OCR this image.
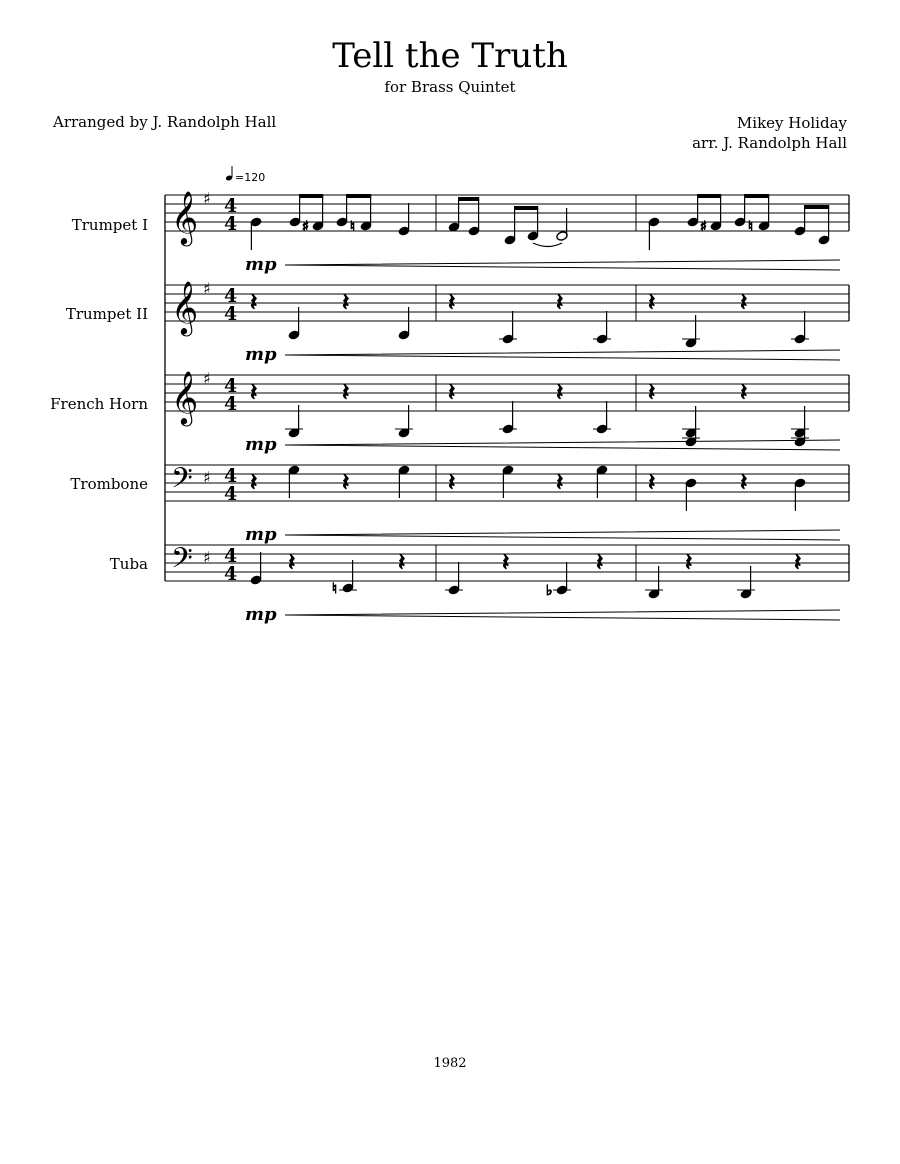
Tell the Truth
for Brass Quintet
Arranged by J. Randolph Hall	Mikey Holiday
arr. J. Randolph Hall
Trumpet I
Trumpet II
French Horn
Trombone
Tuba
=120
𝄞 ♯ 4
4
𝄞 ♯ 4
4
𝄞 ♯ 4
4
𝄢 ♯ 4
4
𝄢 ♯ 4
4
♯	♮	♯	♮
𝄽	𝄽	𝄽	𝄽	𝄽	𝄽
𝄽	𝄽	𝄽	𝄽	𝄽	𝄽
𝄽	𝄽	𝄽	𝄽	𝄽	𝄽
𝄽
♮
𝄽	𝄽
♭
𝄽	𝄽	𝄽
mp
mp
mp
mp
mp
1982
